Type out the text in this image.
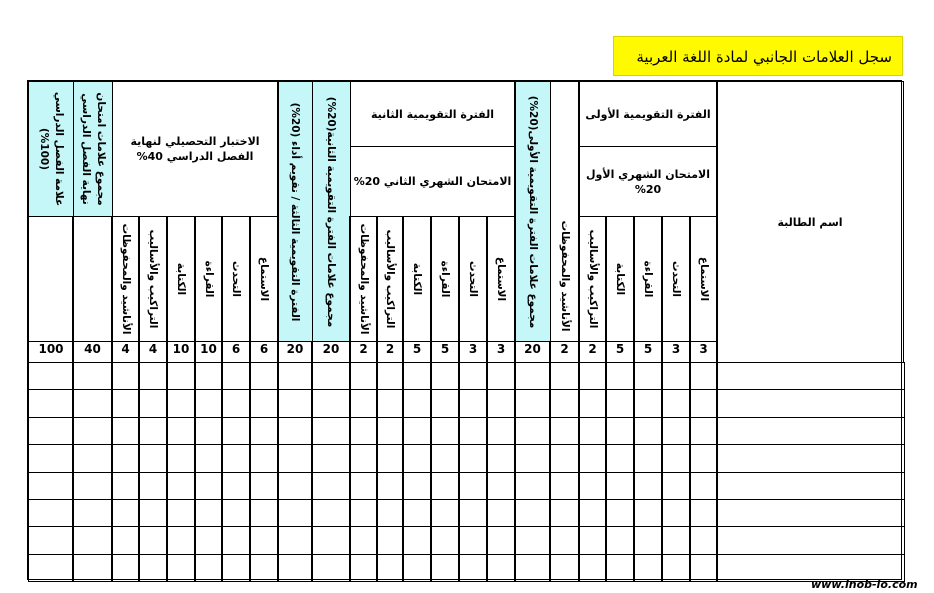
سجل العلامات الجانبي لمادة اللغة العربية
اسم الطالبة
الفترة التقويمية الأولى
الامتحان الشهري الأول 20%
الأناشيد والمحفوظات
مجموع علامات الفترة التقويمية الأولى(20%)
الفترة التقويمية الثانية
الامتحان الشهري الثاني 20%
مجموع علامات الفترة التقويمية الثانية(20%)
الفترة التقويمية الثالثة / تقويم أداء (20%)
الاختبار التحصيلي لنهاية الفصل الدراسي 40%
مجموع علامات امتحان نهاية الفصل الدراسي
علامة الفصل الدراسي (100%)
الاستماع
التحدث
القراءة
الكتابة
التراكيب والأساليب
الاستماع
التحدث
القراءة
الكتابة
التراكيب والأساليب
الأناشيد والمحفوظات
الاستماع
التحدث
القراءة
الكتابة
التراكيب والأساليب
الأناشيد والمحفوظات
3
3
5
5
2
2
20
3
3
5
5
2
2
20
20
6
6
10
10
4
4
40
100
www.inob-io.com
